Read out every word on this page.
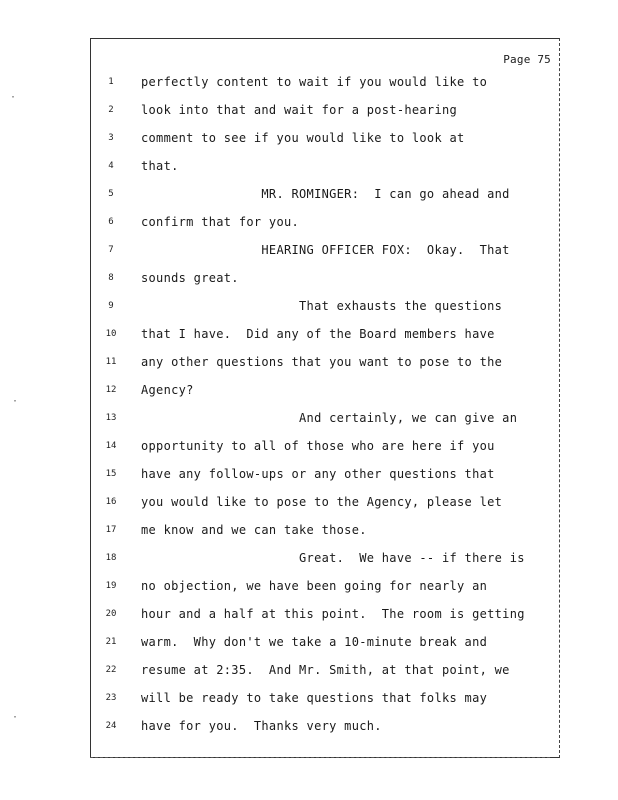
Page 75
1	perfectly content to wait if you would like to
2	look into that and wait for a post-hearing
3	comment to see if you would like to look at
4	that.
5	MR. ROMINGER:  I can go ahead and
6	confirm that for you.
7	HEARING OFFICER FOX:  Okay.  That
8	sounds great.
9	That exhausts the questions
10	that I have.  Did any of the Board members have
11	any other questions that you want to pose to the
12	Agency?
13	And certainly, we can give an
14	opportunity to all of those who are here if you
15	have any follow-ups or any other questions that
16	you would like to pose to the Agency, please let
17	me know and we can take those.
18	Great.  We have -- if there is
19	no objection, we have been going for nearly an
20	hour and a half at this point.  The room is getting
21	warm.  Why don't we take a 10-minute break and
22	resume at 2:35.  And Mr. Smith, at that point, we
23	will be ready to take questions that folks may
24	have for you.  Thanks very much.
·
·
·
